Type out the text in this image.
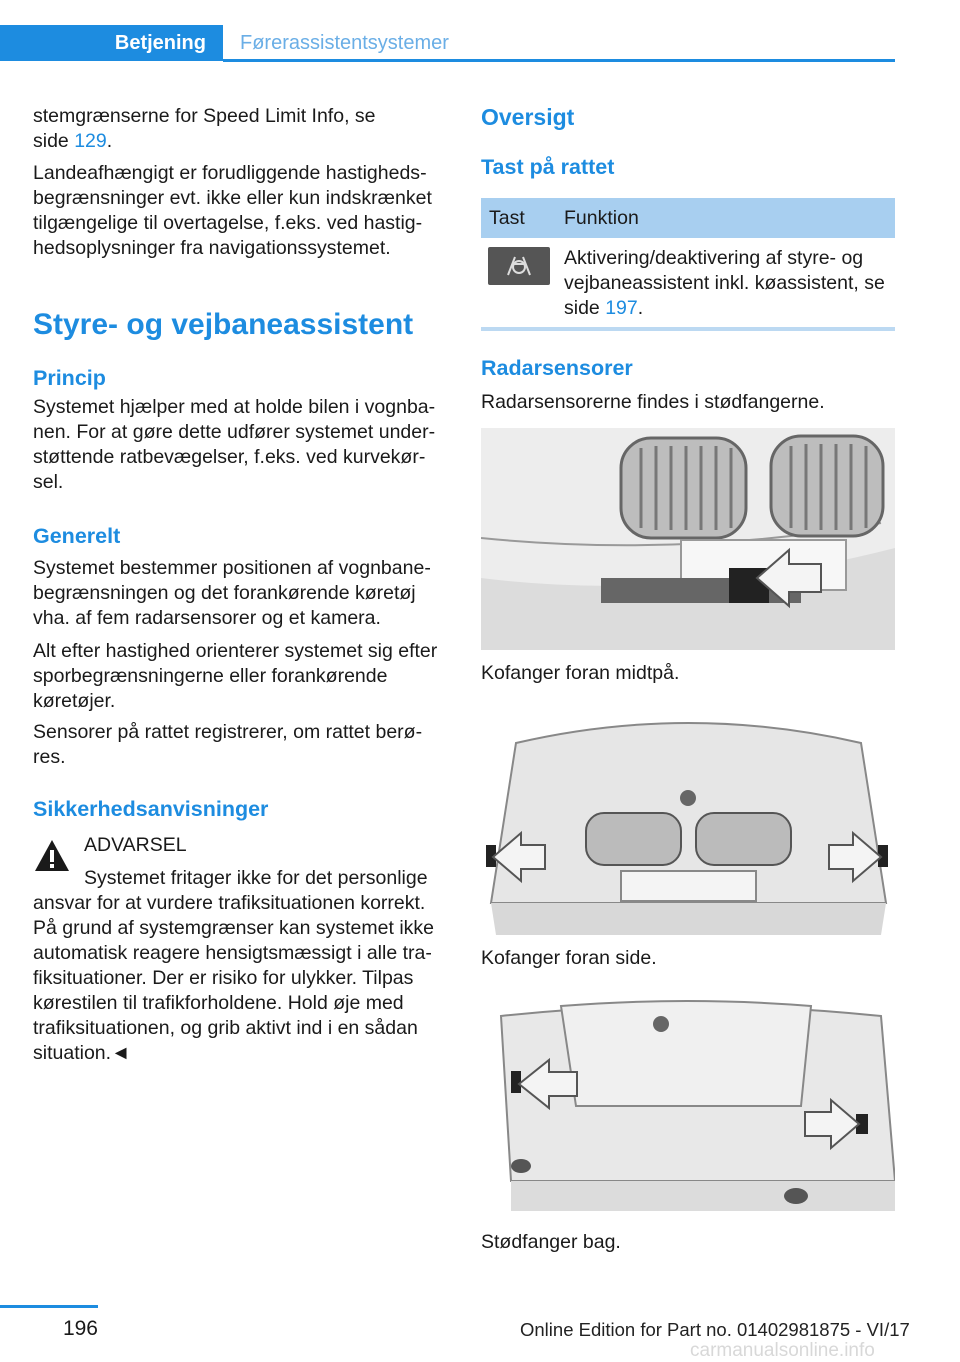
Betjening Førerassistentsystemer

stemgrænserne for Speed Limit Info, se
side 129.

Landeafhængigt er forudliggende hastighedsbegrænsninger evt. ikke eller kun indskrænket tilgængelige til overtagelse, f.eks. ved hastighedsoplysninger fra navigationssystemet.

Styre- og vejbaneassistent
Princip

Systemet hjælper med at holde bilen i vognbanen. For at gøre dette udfører systemet understøttende ratbevægelser, f.eks. ved kurvekørsel.

Generelt

Systemet bestemmer positionen af vognbanebegrænsningen og det forankørende køretøj vha. af fem radarsensorer og et kamera.

Alt efter hastighed orienterer systemet sig efter sporbegrænsningerne eller forankørende køretøjer.

Sensorer på rattet registrerer, om rattet berøres.

Sikkerhedsanvisninger

ADVARSEL

Systemet fritager ikke for det personlige

ansvar for at vurdere trafiksituationen korrekt. På grund af systemgrænser kan systemet ikke automatisk reagere hensigtsmæssigt i alle trafiksituationer. Der er risiko for ulykker. Tilpas kørestilen til trafikforholdene. Hold øje med trafiksituationen, og grib aktivt ind i en sådan situation.◄

Oversigt
Tast på rattet
Tast Funktion

Aktivering/deaktivering af styre- og vejbaneassistent inkl. køassistent, se side 197.

Radarsensorer

Radarsensorerne findes i stødfangerne.

Kofanger foran midtpå.

Kofanger foran side.

Stødfanger bag.

196	Online Edition for Part no. 01402981875 - VI/17
carmanualsonline.info
